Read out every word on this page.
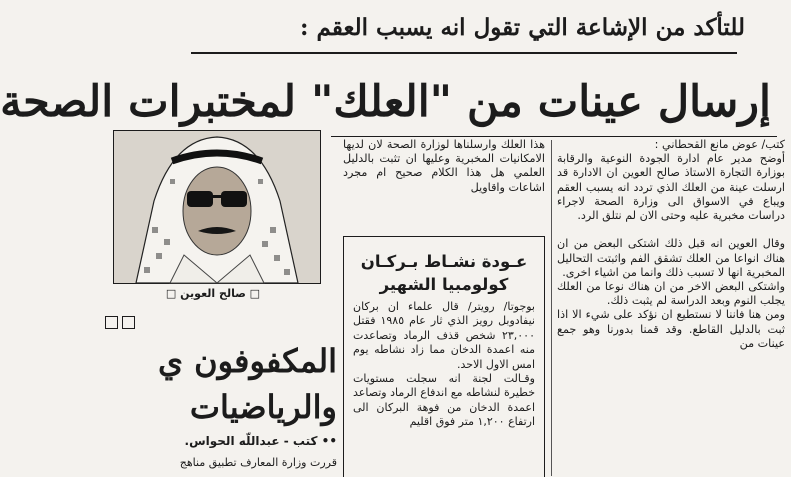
للتأكد من الإشاعة التي تقول انه يسبب العقم :
إرسال عينات من "العلك" لمختبرات الصحة
كتب/ عوض مانع القحطاني :
أوضح مدير عام ادارة الجودة النوعية والرقابة بوزارة التجارة الاستاذ صالح العوين ان الادارة قد ارسلت عينة من العلك الذي تردد انه يسبب العقم ويباع في الاسواق الى وزارة الصحة لاجراء دراسات مخبرية عليه وحتى الان لم نتلق الرد.

وقال العوين انه قبل ذلك اشتكى البعض من ان هناك انواعا من العلك تشقق الفم واثبتت التحاليل المخبرية انها لا تسبب ذلك وانما من اشياء اخرى.
واشتكى البعض الاخر من ان هناك نوعا من العلك يجلب النوم وبعد الدراسة لم يثبت ذلك.
ومن هنا فاننا لا نستطيع ان نؤكد على شيء الا اذا ثبت بالدليل القاطع. وقد قمنا بدورنا وهو جمع عينات من
هذا العلك وارسلناها لوزارة الصحة لان لديها الامكانيات المخبرية وعليها ان تثبت بالدليل العلمي هل هذا الكلام صحيح ام مجرد اشاعات واقاويل
□ صالح العوين □
عـودة نشـاط بـركـان
كولومبيا الشهير
بوجوتا/ رويتر/ قال علماء ان بركان نيفادوبل رويز الذي ثار عام ١٩٨٥ فقتل ٢٣,٠٠٠ شخص قذف الرماد وتصاعدت منه اعمدة الدخان مما زاد نشاطه يوم امس الاول الاحد.
وقـالت لجنة انه سجلت مستويات خطيرة لنشاطه مع اندفاع الرماد وتصاعد اعمدة الدخان من فوهة البركان الى ارتفاع ١,٢٠٠ متر فوق اقليم
المكفوفون ي
والرياضيات
•• كتب - عبداللّه الحواس.
قررت وزارة المعارف تطبيق مناهج
